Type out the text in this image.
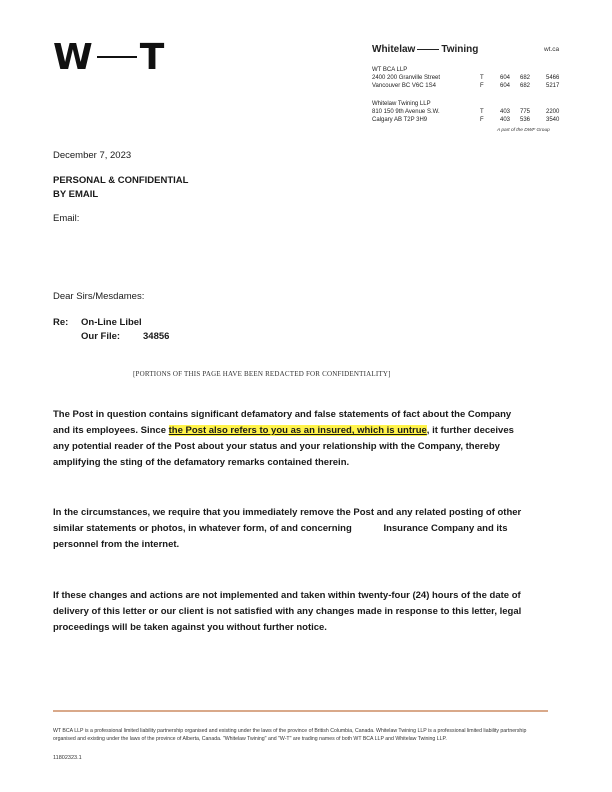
W T	Whitelaw	Twining	wt.ca
WT BCA LLP
2400 200 Granville Street	T	604 682	5466
Vancouver BC V6C 1S4	F	604 682	5217
Whitelaw Twining LLP
810 150 9th Avenue S.W.	T	403 775	2200
Calgary AB T2P 3H9	F	403 536	3540
A part of the DWF Group
December 7, 2023
PERSONAL & CONFIDENTIAL
BY EMAIL
Email:
Dear Sirs/Mesdames:
Re: On-Line Libel
Our File: 34856
[PORTIONS OF THIS PAGE HAVE BEEN REDACTED FOR CONFIDENTIALITY]
The Post in question contains significant defamatory and false statements of fact about the Company and its employees. Since the Post also refers to you as an insured, which is untrue, it further deceives any potential reader of the Post about your status and your relationship with the Company, thereby amplifying the sting of the defamatory remarks contained therein.
In the circumstances, we require that you immediately remove the Post and any related posting of other similar statements or photos, in whatever form, of and concerning            Insurance Company and its personnel from the internet.
If these changes and actions are not implemented and taken within twenty-four (24) hours of the date of delivery of this letter or our client is not satisfied with any changes made in response to this letter, legal proceedings will be taken against you without further notice.
WT BCA LLP is a professional limited liability partnership organised and existing under the laws of the province of British Columbia, Canada. Whitelaw Twining LLP is a professional limited liability partnership organised and existing under the laws of the province of Alberta, Canada. "Whitelaw Twining" and "W-T" are trading names of both WT BCA LLP and Whitelaw Twining LLP.
11802323.1
